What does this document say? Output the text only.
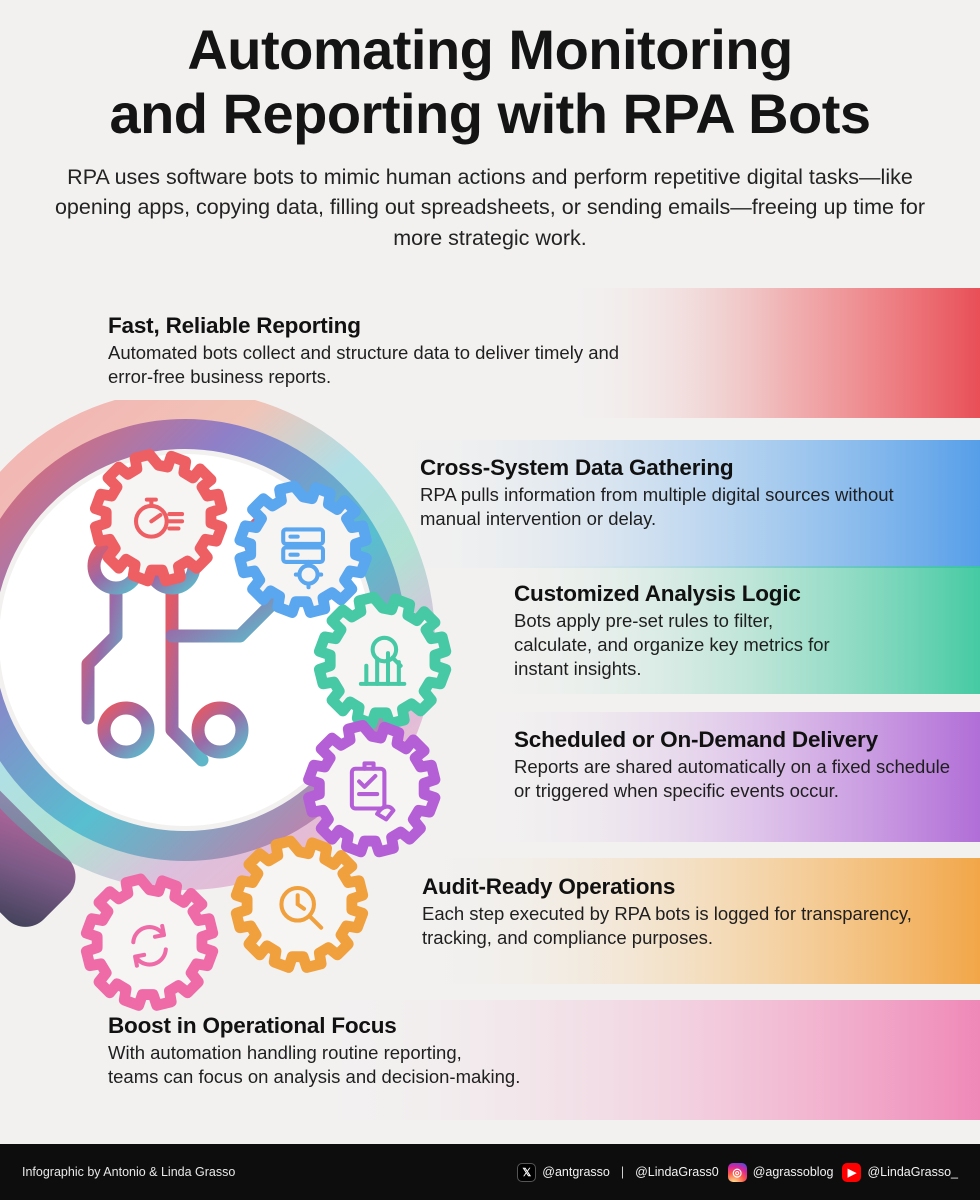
Automating Monitoring
and Reporting with RPA Bots

RPA uses software bots to mimic human actions and perform repetitive digital tasks—like opening apps, copying data, filling out spreadsheets, or sending emails—freeing up time for more strategic work.

Fast, Reliable Reporting

Automated bots collect and structure data to deliver timely and error-free business reports.

Cross-System Data Gathering

RPA pulls information from multiple digital sources without manual intervention or delay.

Customized Analysis Logic

Bots apply pre-set rules to filter, calculate, and organize key metrics for instant insights.

Scheduled or On-Demand Delivery

Reports are shared automatically on a fixed schedule or triggered when specific events occur.

Audit-Ready Operations

Each step executed by RPA bots is logged for transparency, tracking, and compliance purposes.

Boost in Operational Focus

With automation handling routine reporting,

teams can focus on analysis and decision-making.

Infographic by Antonio & Linda Grasso	𝕏 @antgrasso | @LindaGrass0	◎ @agrassoblog	▶ @LindaGrasso_
